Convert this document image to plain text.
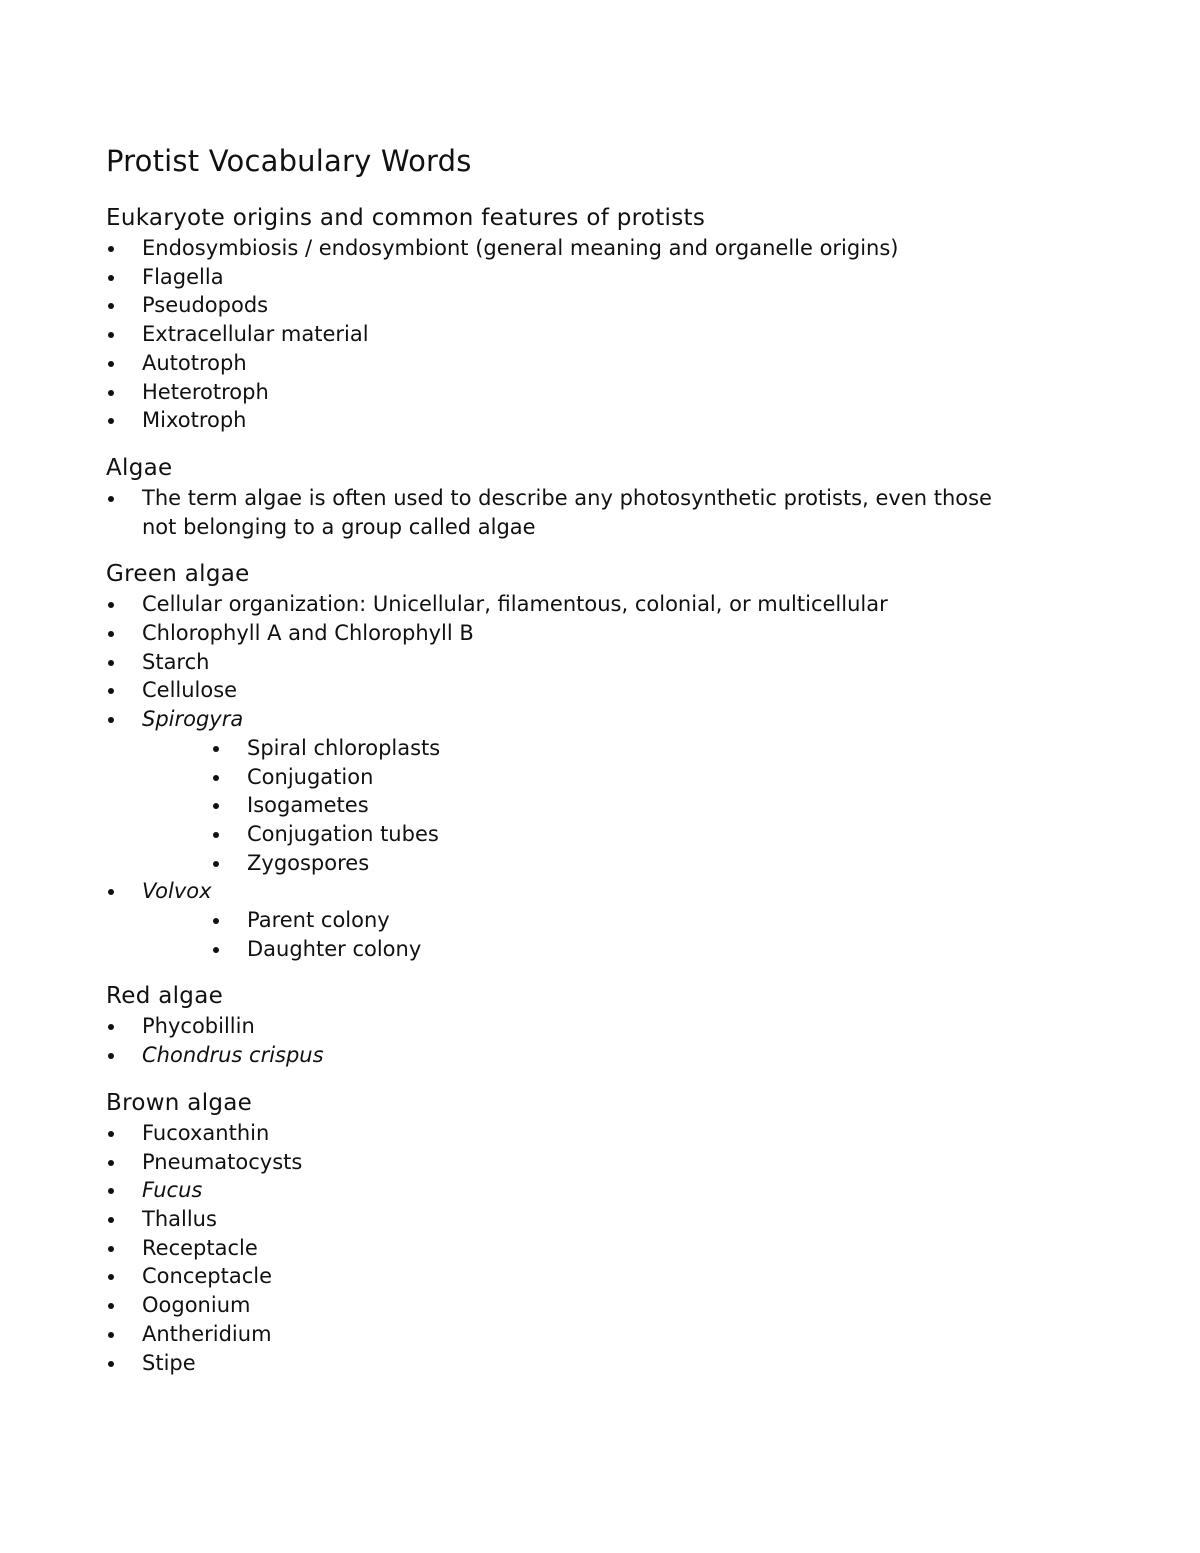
Protist Vocabulary Words
Eukaryote origins and common features of protists
Endosymbiosis / endosymbiont (general meaning and organelle origins)
Flagella
Pseudopods
Extracellular material
Autotroph
Heterotroph
Mixotroph
Algae
The term algae is often used to describe any photosynthetic protists, even those not belonging to a group called algae
Green algae
Cellular organization: Unicellular, filamentous, colonial, or multicellular
Chlorophyll A and Chlorophyll B
Starch
Cellulose
Spirogyra
Spiral chloroplasts
Conjugation
Isogametes
Conjugation tubes
Zygospores
Volvox
Parent colony
Daughter colony
Red algae
Phycobillin
Chondrus crispus
Brown algae
Fucoxanthin
Pneumatocysts
Fucus
Thallus
Receptacle
Conceptacle
Oogonium
Antheridium
Stipe
